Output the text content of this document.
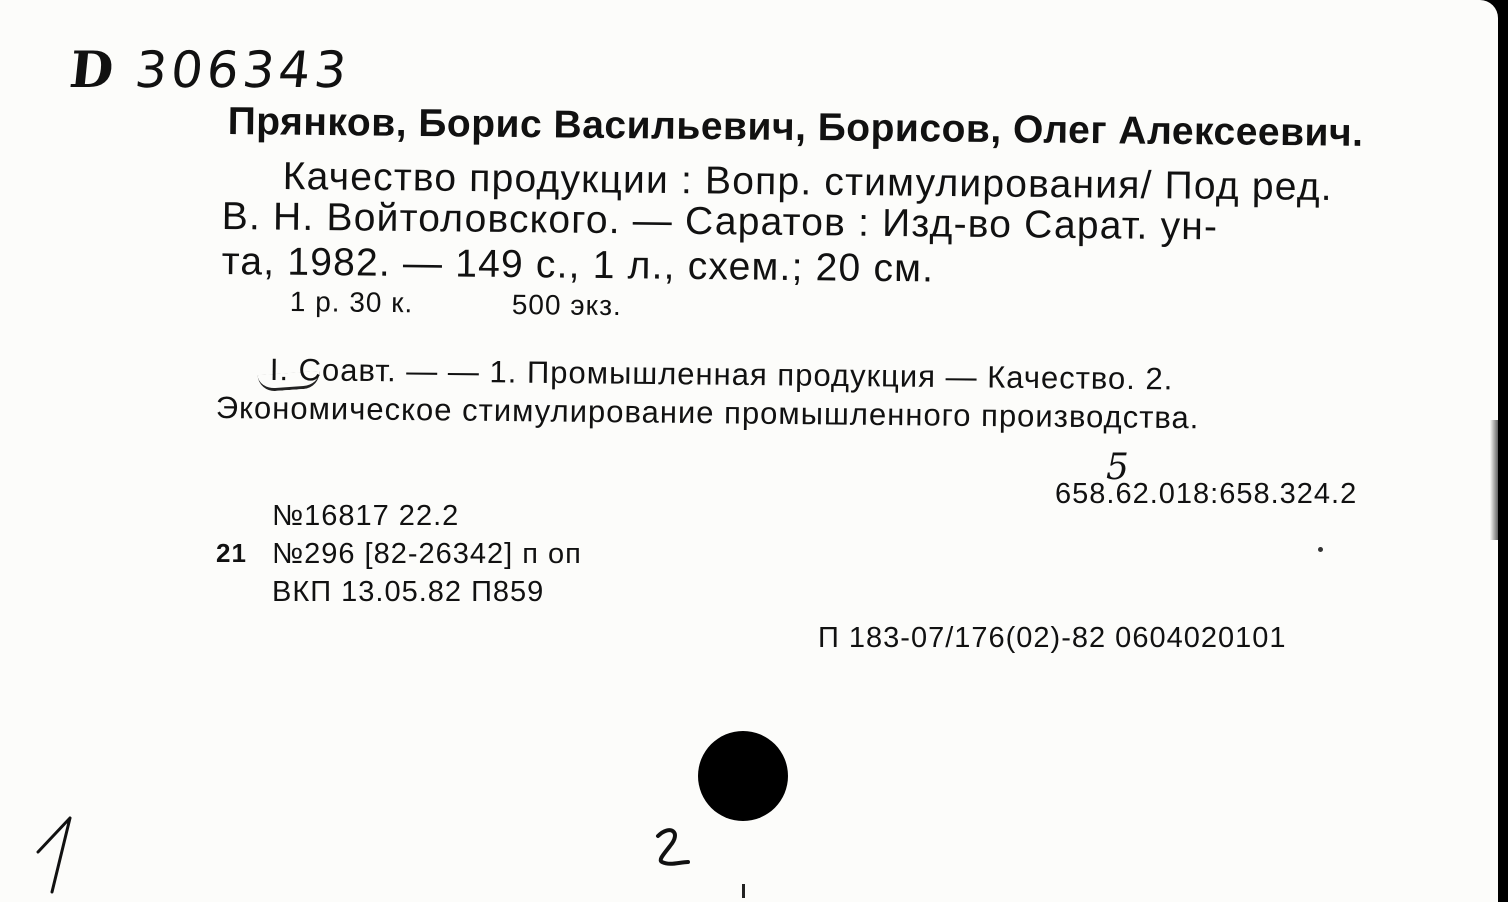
D 306343
Прянков, Борис Васильевич, Борисов, Олег Алексеевич.
Качество продукции : Вопр. стимулирования/ Под ред.
В. Н. Войтоловского. — Саратов : Изд-во Сарат. ун-
та, 1982. — 149 с., 1 л., схем.; 20 см.
1 р. 30 к.	500 экз.
I. Соавт. — — 1. Промышленная продукция — Качество. 2.
Экономическое стимулирование промышленного производства.
5
658.62.018:658.324.2
№16817 22.2
21 №296 [82-26342] п оп
ВКП 13.05.82 П859
П 183-07/176(02)-82 0604020101
